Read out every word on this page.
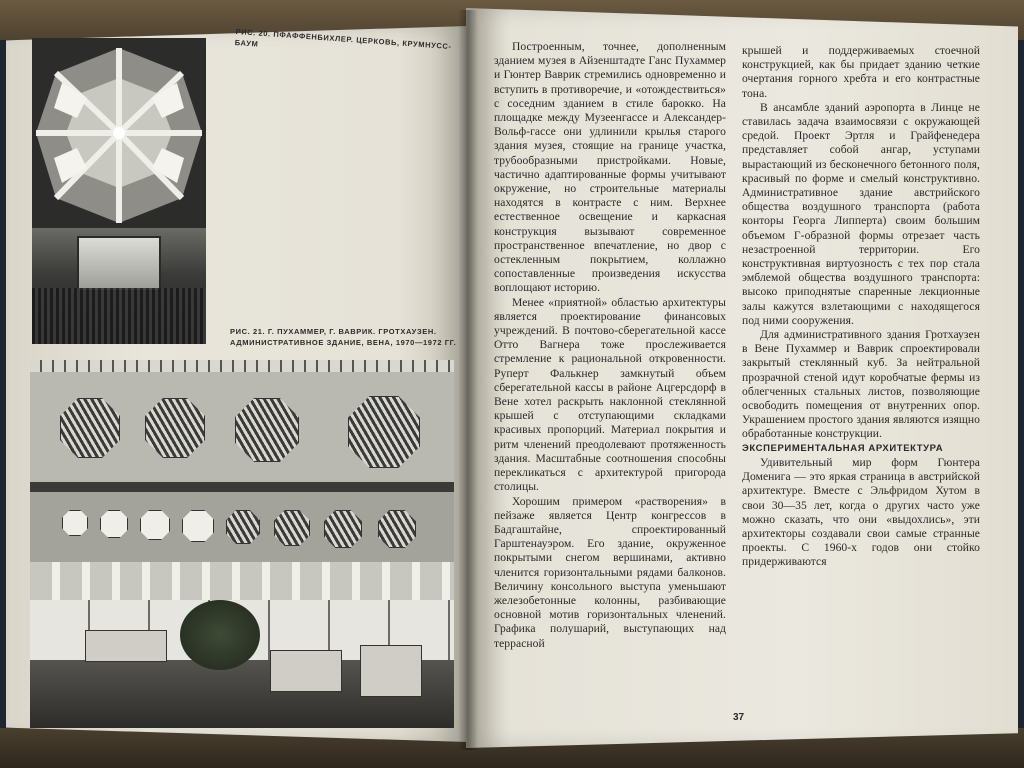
РИС. 20. ПФАФФЕНБИХЛЕР. ЦЕРКОВЬ, КРУМНУСС-БАУМ
РИС. 21. Г. ПУХАММЕР, Г. ВАВРИК. ГРОТХАУЗЕН. АДМИНИСТРАТИВНОЕ ЗДАНИЕ, ВЕНА, 1970—1972 ГГ.

Построенным, точнее, дополненным зданием музея в Айзенштадте Ганс Пухаммер и Гюнтер Ваврик стремились одновременно и вступить в противоречие, и «отождествиться» с соседним зданием в стиле барокко. На площадке между Музеенгассе и Александер-Вольф-гассе они удлинили крылья старого здания музея, стоящие на границе участка, трубообразными пристройками. Новые, частично адаптированные формы учитывают окружение, но строительные материалы находятся в контрасте с ним. Верхнее естественное освещение и каркасная конструкция вызывают современное пространственное впечатление, но двор с остекленным покрытием, коллажно сопоставленные произведения искусства воплощают историю.

Менее «приятной» областью архитектуры является проектирование финансовых учреждений. В почтово-сберегательной кассе Отто Вагнера тоже прослеживается стремление к рациональной откровенности. Руперт Фалькнер замкнутый объем сберегательной кассы в районе Ацгерсдорф в Вене хотел раскрыть наклонной стеклянной крышей с отступающими складками красивых пропорций. Материал покрытия и ритм членений преодолевают протяженность здания. Масштабные соотношения способны перекликаться с архитектурой пригорода столицы.

Хорошим примером «растворения» в пейзаже является Центр конгрессов в Бадгаштайне, спроектированный Гарштенауэром. Его здание, окруженное покрытыми снегом вершинами, активно членится горизонтальными рядами балконов. Величину консольного выступа уменьшают железобетонные колонны, разбивающие основной мотив горизонтальных членений. Графика полушарий, выступающих над террасной

крышей и поддерживаемых стоечной конструкцией, как бы придает зданию четкие очертания горного хребта и его контрастные тона.

В ансамбле зданий аэропорта в Линце не ставилась задача взаимосвязи с окружающей средой. Проект Эртля и Грайфенедера представляет собой ангар, уступами вырастающий из бесконечного бетонного поля, красивый по форме и смелый конструктивно. Административное здание австрийского общества воздушного транспорта (работа конторы Георга Липперта) своим большим объемом Г-образной формы отрезает часть незастроенной территории. Его конструктивная виртуозность с тех пор стала эмблемой общества воздушного транспорта: высоко приподнятые спаренные лекционные залы кажутся взлетающими с находящегося под ними сооружения.

Для административного здания Гротхаузен в Вене Пухаммер и Ваврик спроектировали закрытый стеклянный куб. За нейтральной прозрачной стеной идут коробчатые фермы из облегченных стальных листов, позволяющие освободить помещения от внутренних опор. Украшением простого здания являются изящно обработанные конструкции.

ЭКСПЕРИМЕНТАЛЬНАЯ АРХИТЕКТУРА

Удивительный мир форм Гюнтера Доменига — это яркая страница в австрийской архитектуре. Вместе с Эльфридом Хутом в свои 30—35 лет, когда о других часто уже можно сказать, что они «выдохлись», эти архитекторы создавали свои самые странные проекты. С 1960-х годов они стойко придерживаются

37
